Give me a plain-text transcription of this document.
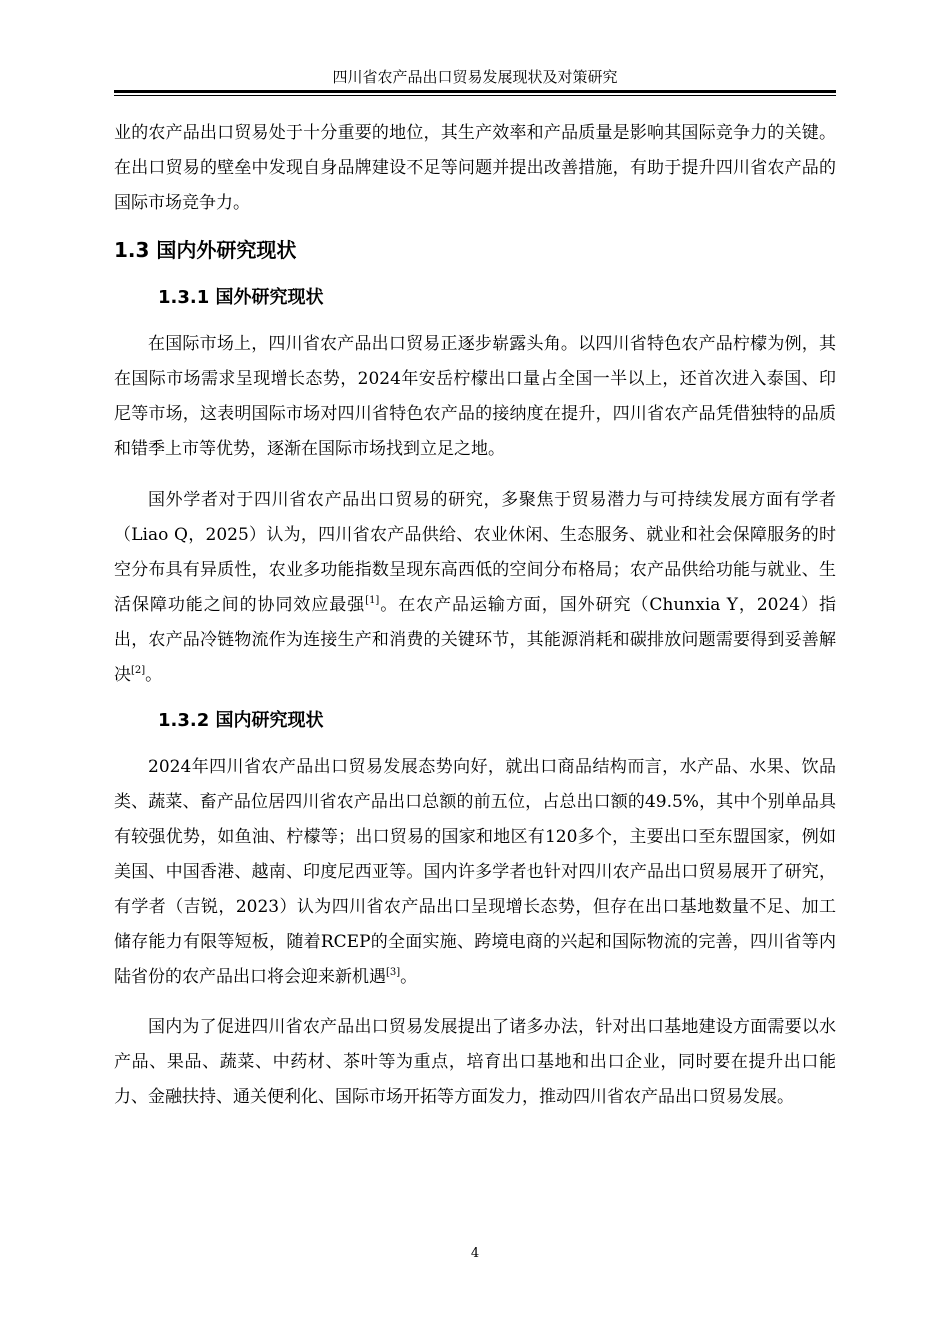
四川省农产品出口贸易发展现状及对策研究

业的农产品出口贸易处于十分重要的地位，其生产效率和产品质量是影响其国际竞争力的关键。在出口贸易的壁垒中发现自身品牌建设不足等问题并提出改善措施，有助于提升四川省农产品的国际市场竞争力。

1.3 国内外研究现状
1.3.1 国外研究现状

在国际市场上，四川省农产品出口贸易正逐步崭露头角。以四川省特色农产品柠檬为例，其在国际市场需求呈现增长态势，2024年安岳柠檬出口量占全国一半以上，还首次进入泰国、印尼等市场，这表明国际市场对四川省特色农产品的接纳度在提升，四川省农产品凭借独特的品质和错季上市等优势，逐渐在国际市场找到立足之地。

国外学者对于四川省农产品出口贸易的研究，多聚焦于贸易潜力与可持续发展方面有学者（Liao Q，2025）认为，四川省农产品供给、农业休闲、生态服务、就业和社会保障服务的时空分布具有异质性，农业多功能指数呈现东高西低的空间分布格局；农产品供给功能与就业、生活保障功能之间的协同效应最强[1]。在农产品运输方面，国外研究（Chunxia Y，2024）指出，农产品冷链物流作为连接生产和消费的关键环节，其能源消耗和碳排放问题需要得到妥善解决[2]。

1.3.2 国内研究现状

2024年四川省农产品出口贸易发展态势向好，就出口商品结构而言，水产品、水果、饮品类、蔬菜、畜产品位居四川省农产品出口总额的前五位，占总出口额的49.5%，其中个别单品具有较强优势，如鱼油、柠檬等；出口贸易的国家和地区有120多个，主要出口至东盟国家，例如美国、中国香港、越南、印度尼西亚等。国内许多学者也针对四川农产品出口贸易展开了研究，有学者（吉锐，2023）认为四川省农产品出口呈现增长态势，但存在出口基地数量不足、加工储存能力有限等短板，随着RCEP的全面实施、跨境电商的兴起和国际物流的完善，四川省等内陆省份的农产品出口将会迎来新机遇[3]。

国内为了促进四川省农产品出口贸易发展提出了诸多办法，针对出口基地建设方面需要以水产品、果品、蔬菜、中药材、茶叶等为重点，培育出口基地和出口企业，同时要在提升出口能力、金融扶持、通关便利化、国际市场开拓等方面发力，推动四川省农产品出口贸易发展。

4
